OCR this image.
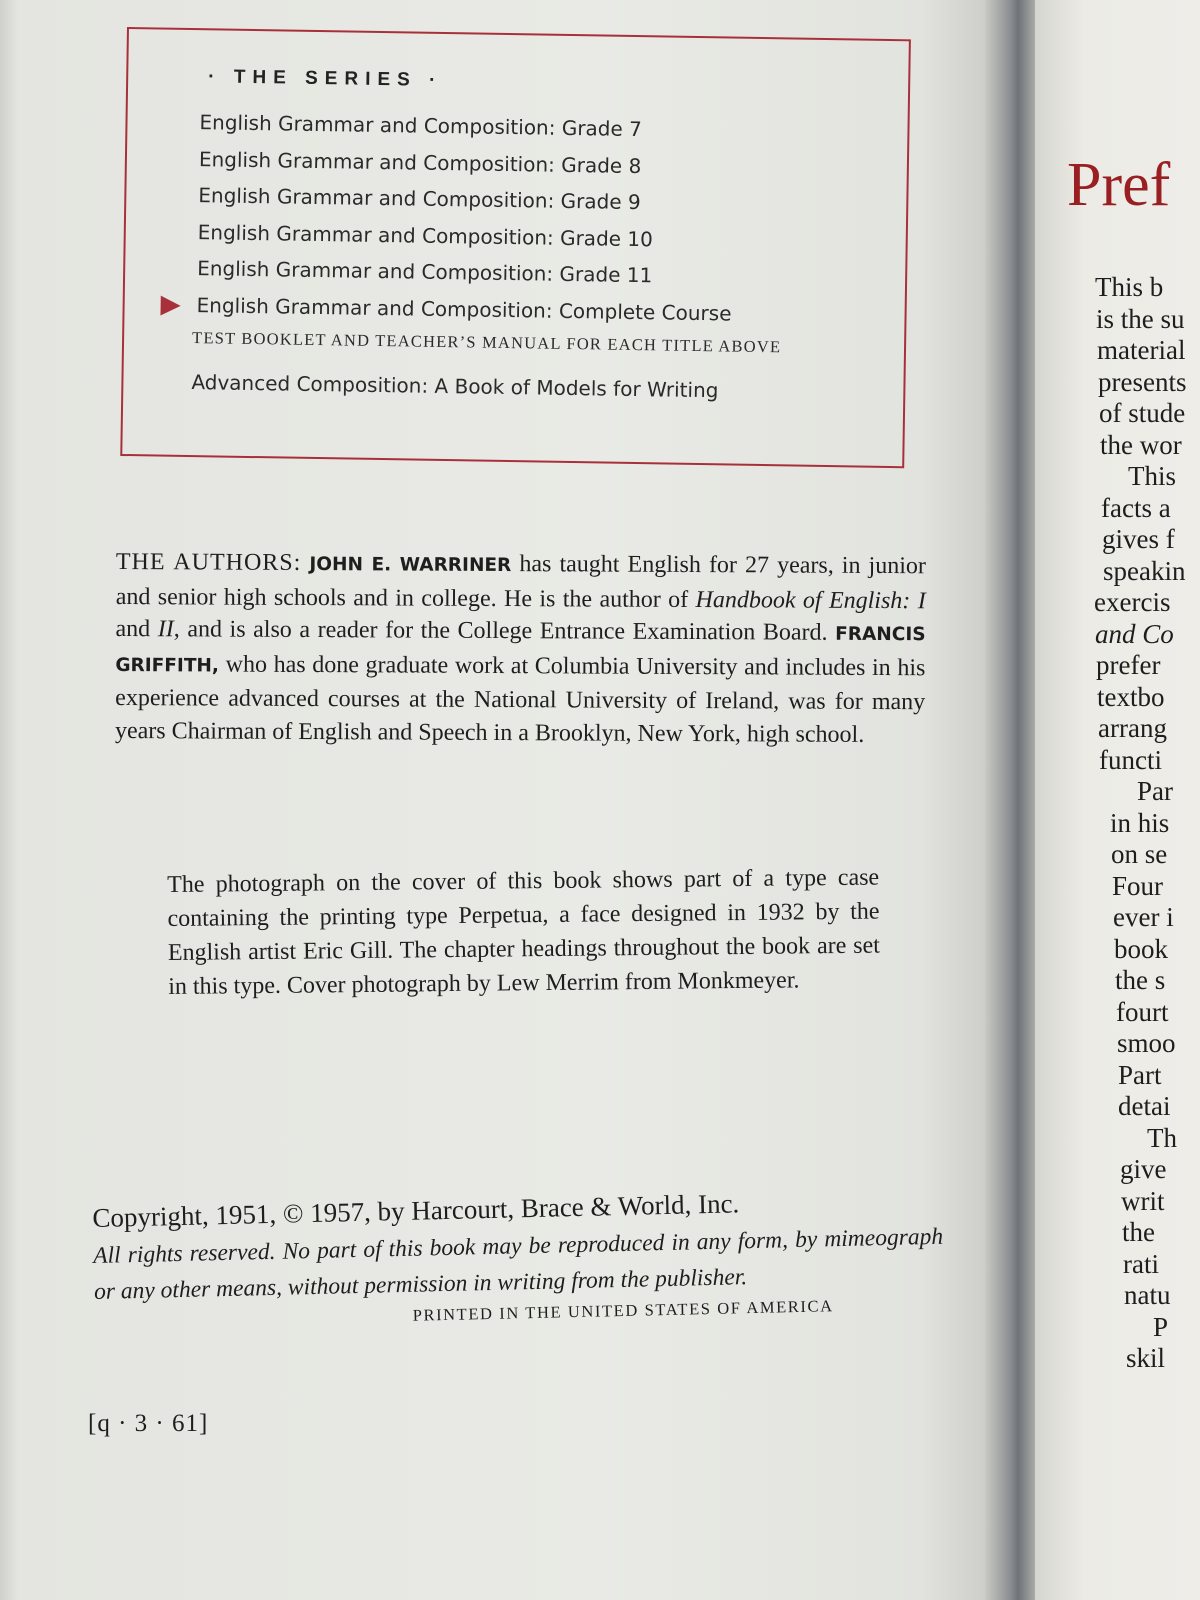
· THE SERIES ·
English Grammar and Composition: Grade 7
English Grammar and Composition: Grade 8
English Grammar and Composition: Grade 9
English Grammar and Composition: Grade 10
English Grammar and Composition: Grade 11
English Grammar and Composition: Complete Course
TEST BOOKLET AND TEACHER’S MANUAL FOR EACH TITLE ABOVE
Advanced Composition: A Book of Models for Writing
THE AUTHORS: JOHN E. WARRINER has taught English for 27 years, in junior and senior high schools and in college. He is the author of Handbook of English: I and II, and is also a reader for the College Entrance Examination Board. FRANCIS GRIFFITH, who has done graduate work at Columbia University and includes in his experience advanced courses at the National University of Ireland, was for many years Chairman of English and Speech in a Brooklyn, New York, high school.
The photograph on the cover of this book shows part of a type case containing the printing type Perpetua, a face designed in 1932 by the English artist Eric Gill. The chapter headings throughout the book are set in this type. Cover photograph by Lew Merrim from Monkmeyer.
Copyright, 1951, © 1957, by Harcourt, Brace & World, Inc.
All rights reserved. No part of this book may be reproduced in any form, by mimeograph or any other means, without permission in writing from the publisher.
PRINTED IN THE UNITED STATES OF AMERICA
[q · 3 · 61]
Pref
This b
is the su
material
presents
of stude
the wor
This
facts a
gives f
speakin
exercis
and Co
prefer
textbo
arrang
functi
Par
in his
on se
Four
ever i
book
the s
fourt
smoo
Part
detai
Th
give
writ
the
rati
natu
P
skil
